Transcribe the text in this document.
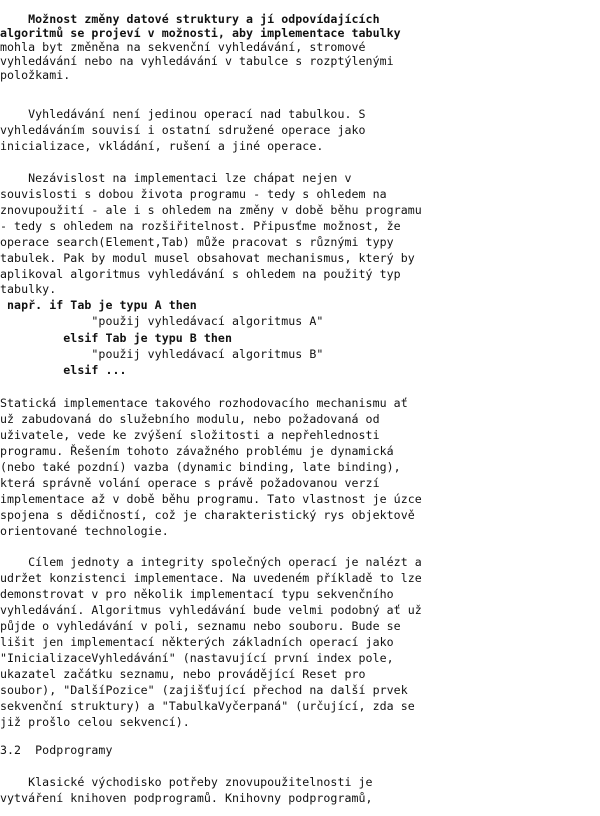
Možnost změny datové struktury a jí odpovídajících
algoritmů se projeví v možnosti, aby implementace tabulky
mohla byt změněna na sekvenční vyhledávání, stromové
vyhledávání nebo na vyhledávání v tabulce s rozptýlenými
položkami.
Vyhledávání není jedinou operací nad tabulkou. S
vyhledáváním souvisí i ostatní sdružené operace jako
inicializace, vkládání, rušení a jiné operace.
Nezávislost na implementaci lze chápat nejen v
souvislosti s dobou života programu - tedy s ohledem na
znovupoužití - ale i s ohledem na změny v době běhu programu
- tedy s ohledem na rozšiřitelnost. Připusťme možnost, že
operace search(Element,Tab) může pracovat s různými typy
tabulek. Pak by modul musel obsahovat mechanismus, který by
aplikoval algoritmus vyhledávání s ohledem na použitý typ
tabulky.
např. if Tab je typu A then
"použij vyhledávací algoritmus A"
elsif Tab je typu B then
"použij vyhledávací algoritmus B"
elsif ...
Statická implementace takového rozhodovacího mechanismu ať
už zabudovaná do služebního modulu, nebo požadovaná od
uživatele, vede ke zvýšení složitosti a nepřehlednosti
programu. Řešením tohoto závažného problému je dynamická
(nebo také pozdní) vazba (dynamic binding, late binding),
která správně volání operace s právě požadovanou verzí
implementace až v době běhu programu. Tato vlastnost je úzce
spojena s dědičností, což je charakteristický rys objektově
orientované technologie.
Cílem jednoty a integrity společných operací je nalézt a
udržet konzistenci implementace. Na uvedeném příkladě to lze
demonstrovat v pro několik implementací typu sekvenčního
vyhledávání. Algoritmus vyhledávání bude velmi podobný ať už
půjde o vyhledávání v poli, seznamu nebo souboru. Bude se
lišit jen implementací některých základních operací jako
"InicializaceVyhledávání" (nastavující první index pole,
ukazatel začátku seznamu, nebo provádějící Reset pro
soubor), "DalšíPozice" (zajišťující přechod na další prvek
sekvenční struktury) a "TabulkaVyčerpaná" (určující, zda se
již prošlo celou sekvencí).
3.2  Podprogramy
Klasické východisko potřeby znovupoužitelnosti je
vytváření knihoven podprogramů. Knihovny podprogramů,
